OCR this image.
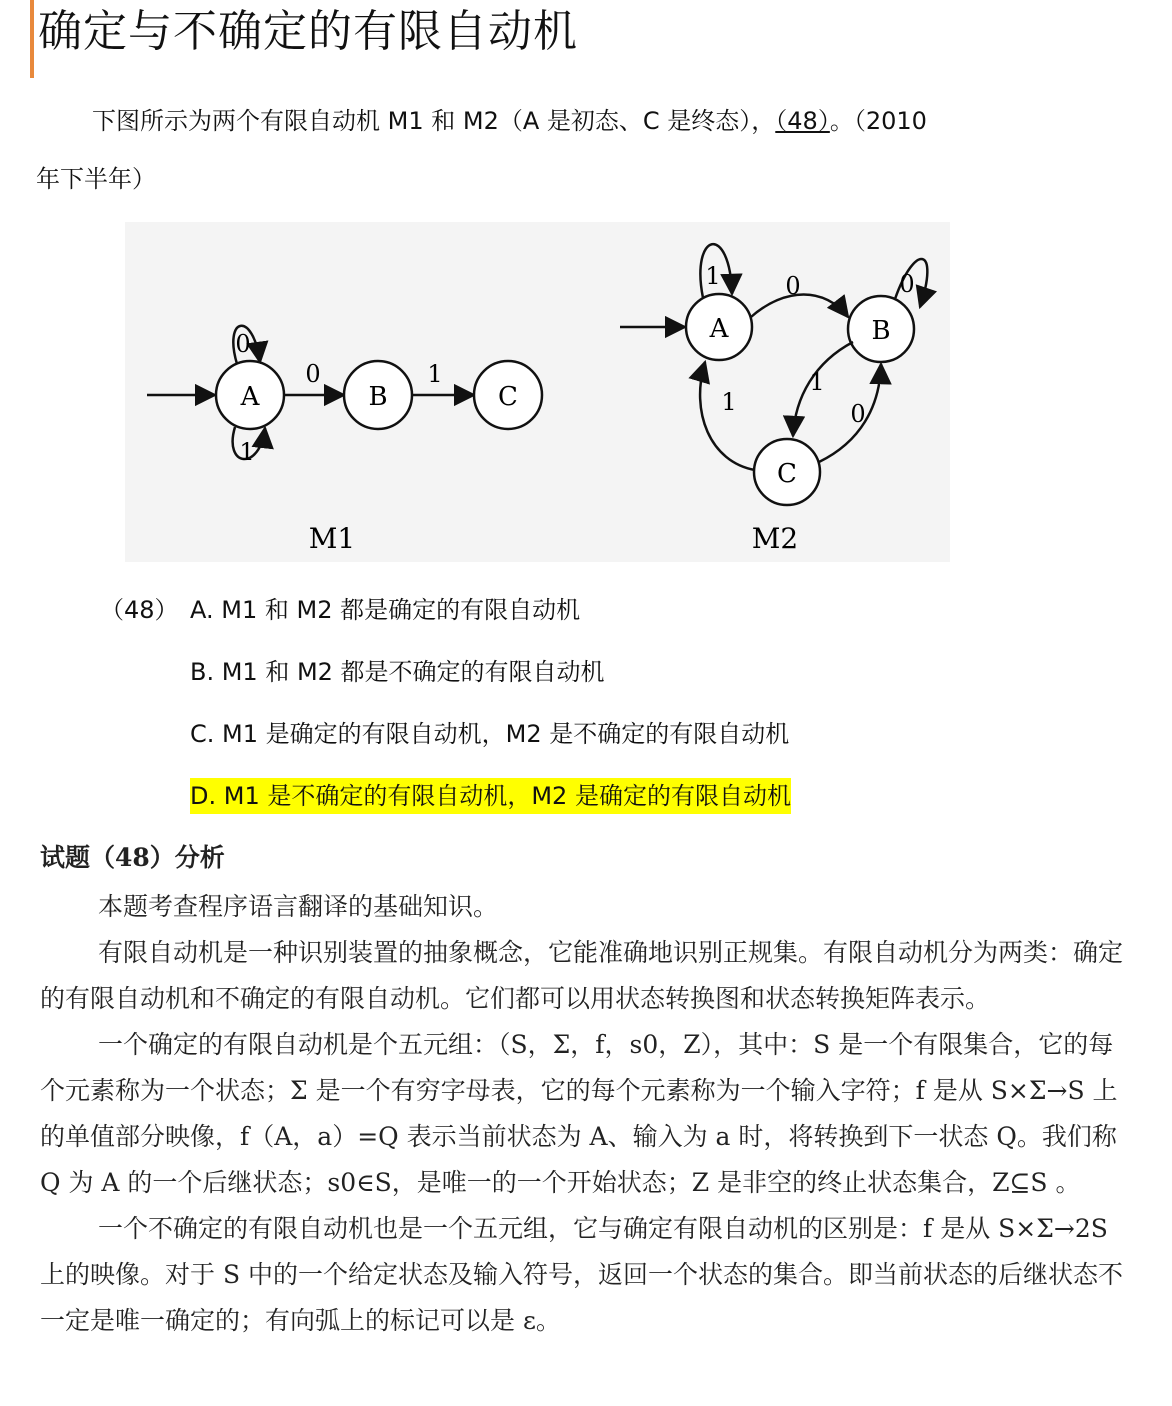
确定与不确定的有限自动机
下图所示为两个有限自动机 M1 和 M2（A 是初态、C 是终态），（48）。（2010
年下半年）
A
0
1
0
B
1
C
M1
A
1	0
B
0
1
0
1
C
M2
（48） A. M1 和 M2 都是确定的有限自动机
B. M1 和 M2 都是不确定的有限自动机
C. M1 是确定的有限自动机，M2 是不确定的有限自动机
D. M1 是不确定的有限自动机，M2 是确定的有限自动机
试题（48）分析

本题考查程序语言翻译的基础知识。

有限自动机是一种识别装置的抽象概念，它能准确地识别正规集。有限自动机分为两类：确定的有限自动机和不确定的有限自动机。它们都可以用状态转换图和状态转换矩阵表示。

一个确定的有限自动机是个五元组：（S，Σ，f，s0，Z），其中：S 是一个有限集合，它的每个元素称为一个状态；Σ 是一个有穷字母表，它的每个元素称为一个输入字符；f 是从 S×Σ→S 上的单值部分映像，f（A，a）=Q 表示当前状态为 A、输入为 a 时，将转换到下一状态 Q。我们称 Q 为 A 的一个后继状态；s0∈S，是唯一的一个开始状态；Z 是非空的终止状态集合，Z⊆S 。

一个不确定的有限自动机也是一个五元组，它与确定有限自动机的区别是：f 是从 S×Σ→2S 上的映像。对于 S 中的一个给定状态及输入符号，返回一个状态的集合。即当前状态的后继状态不一定是唯一确定的；有向弧上的标记可以是 ε。
